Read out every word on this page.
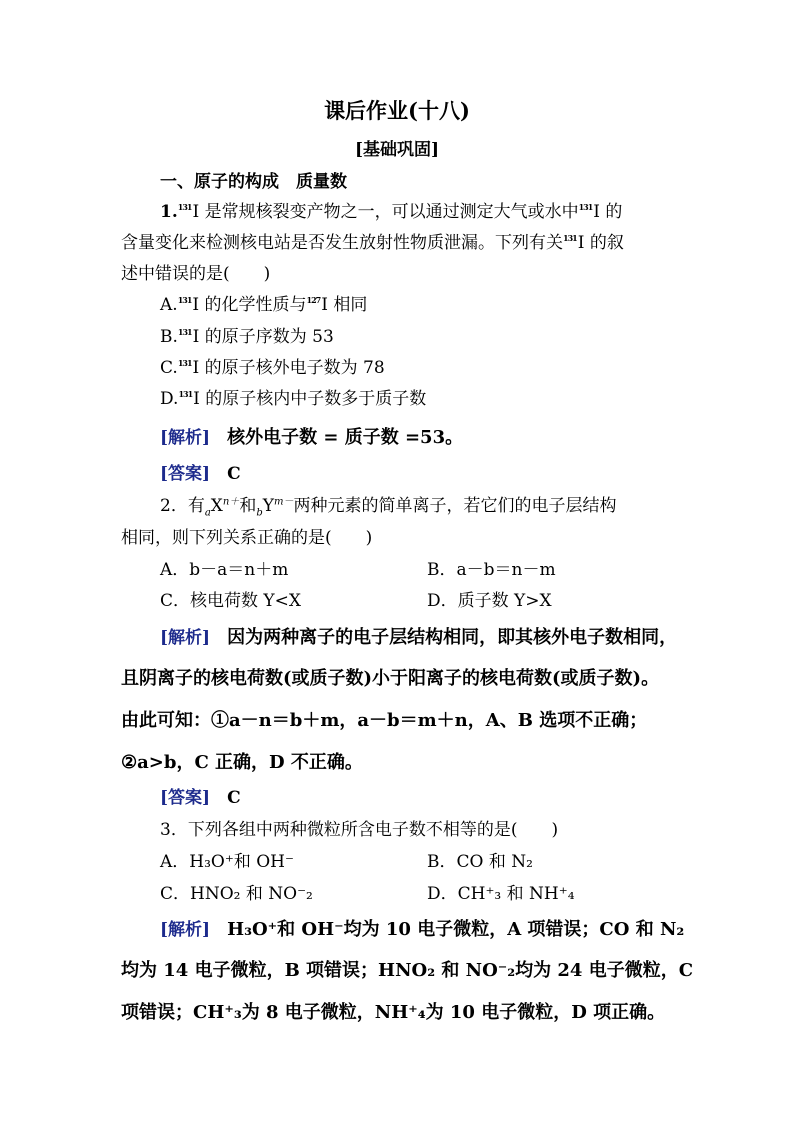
课后作业(十八)
[基础巩固]
一、原子的构成　质量数
1.131I 是常规核裂变产物之一，可以通过测定大气或水中131I 的
含量变化来检测核电站是否发生放射性物质泄漏。下列有关131I 的叙
述中错误的是(　　)
A.131I 的化学性质与127I 相同
B.131I 的原子序数为 53
C.131I 的原子核外电子数为 78
D.131I 的原子核内中子数多于质子数
[解析]　 核外电子数 = 质子数 =53。
[答案]　 C
2．有$_aX^{n+}$和$_bY^{m-}$两种元素的简单离子，若它们的电子层结构
相同，则下列关系正确的是(　　)
A．b－a＝n＋m	B．a－b＝n－m
C．核电荷数 Y<X	D．质子数 Y>X
[解析]　 因为两种离子的电子层结构相同，即其核外电子数相同，
且阴离子的核电荷数(或质子数)小于阳离子的核电荷数(或质子数)。
由此可知：①a－n＝b＋m，a－b＝m＋n，A、B 选项不正确；
②a>b，C 正确，D 不正确。
[答案]　 C
3．下列各组中两种微粒所含电子数不相等的是(　　)
A．H₃O⁺和 OH⁻	B．CO 和 N₂
C．HNO₂ 和 NO⁻₂	D．CH⁺₃ 和 NH⁺₄
[解析]　 H₃O⁺和 OH⁻均为 10 电子微粒，A 项错误；CO 和 N₂
均为 14 电子微粒，B 项错误；HNO₂ 和 NO⁻₂均为 24 电子微粒，C
项错误；CH⁺₃为 8 电子微粒，NH⁺₄为 10 电子微粒，D 项正确。
